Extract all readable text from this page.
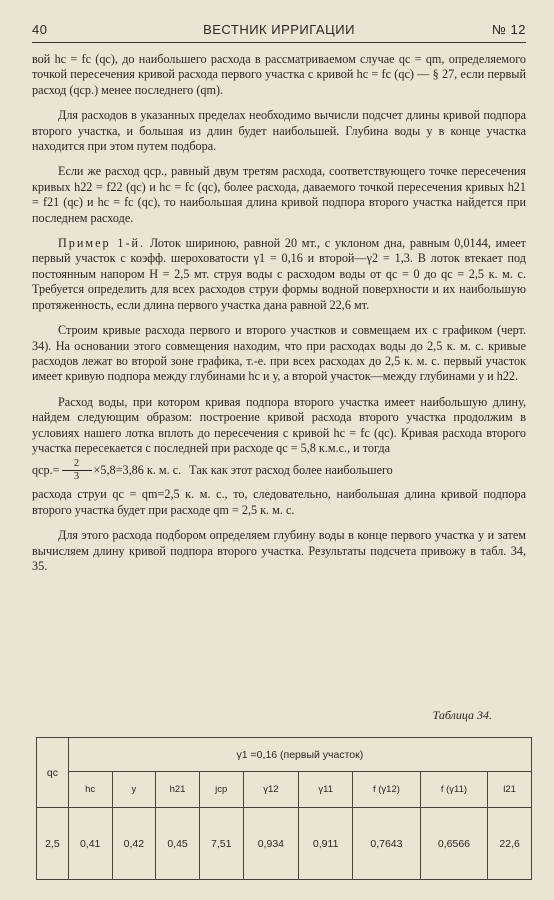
40	ВЕСТНИК ИРРИГАЦИИ	№ 12

вой hc = fc (qc), до наибольшего расхода в рассматриваемом случае qc = qm, определяемого точкой пересечения кривой расхода первого участка с кривой hc = fc (qc) — § 27, если первый расход (qср.) менее последнего (qm).

Для расходов в указанных пределах необходимо вычисли подсчет длины кривой подпора второго участка, и большая из длин будет наибольшей. Глубина воды у в конце участка находится при этом путем подбора.

Если же расход qср., равный двум третям расхода, соответствующего точке пересечения кривых h22 = f22 (qc) и hc = fc (qc), более расхода, даваемого точкой пересечения кривых h21 = f21 (qc) и hc = fc (qc), то наибольшая длина кривой подпора второго участка найдется при последнем расходе.

Пример 1-й. Лоток шириною, равной 20 мт., с уклоном дна, равным 0,0144, имеет первый участок с коэфф. шероховатости γ1 = 0,16 и второй—γ2 = 1,3. В лоток втекает под постоянным напором H = 2,5 мт. струя воды с расходом воды от qc = 0 до qc = 2,5 к. м. с. Требуется определить для всех расходов струи формы водной поверхности и их наибольшую протяженность, если длина первого участка дана равной 22,6 мт.

Строим кривые расхода первого и второго участков и совмещаем их с графиком (черт. 34). На основании этого совмещения находим, что при расходах воды до 2,5 к. м. с. кривые расходов лежат во второй зоне графика, т.-е. при всех расходах до 2,5 к. м. с. первый участок имеет кривую подпора между глубинами hc и у, а второй участок—между глубинами у и h22.

Расход воды, при котором кривая подпора второго участка имеет наибольшую длину, найдем следующим образом: построение кривой расхода второго участка продолжим в условиях нашего лотка вплоть до пересечения с кривой hc = fc (qc). Кривая расхода второго участка пересекается с последней при расходе qc = 5,8 к.м.с., и тогда

qср.=	2
3 ×5,8=3,86 к. м. с. Так как этот расход более наибольшего

расхода струи qc = qm=2,5 к. м. с., то, следовательно, наибольшая длина кривой подпора второго участка будет при расходе qm = 2,5 к. м. с.

Для этого расхода подбором определяем глубину воды в конце первого участка у и затем вычисляем длину кривой подпора второго участка. Результаты подсчета привожу в табл. 34, 35.

Таблица 34.
qc	γ1 =0,16 (первый участок)								
	hc	y	h21	jср	γ12	γ11	f (γ12)	f (γ11)	l21
2,5	0,41	0,42	0,45	7,51	0,934	0,911	0,7643	0,6566	22,6
